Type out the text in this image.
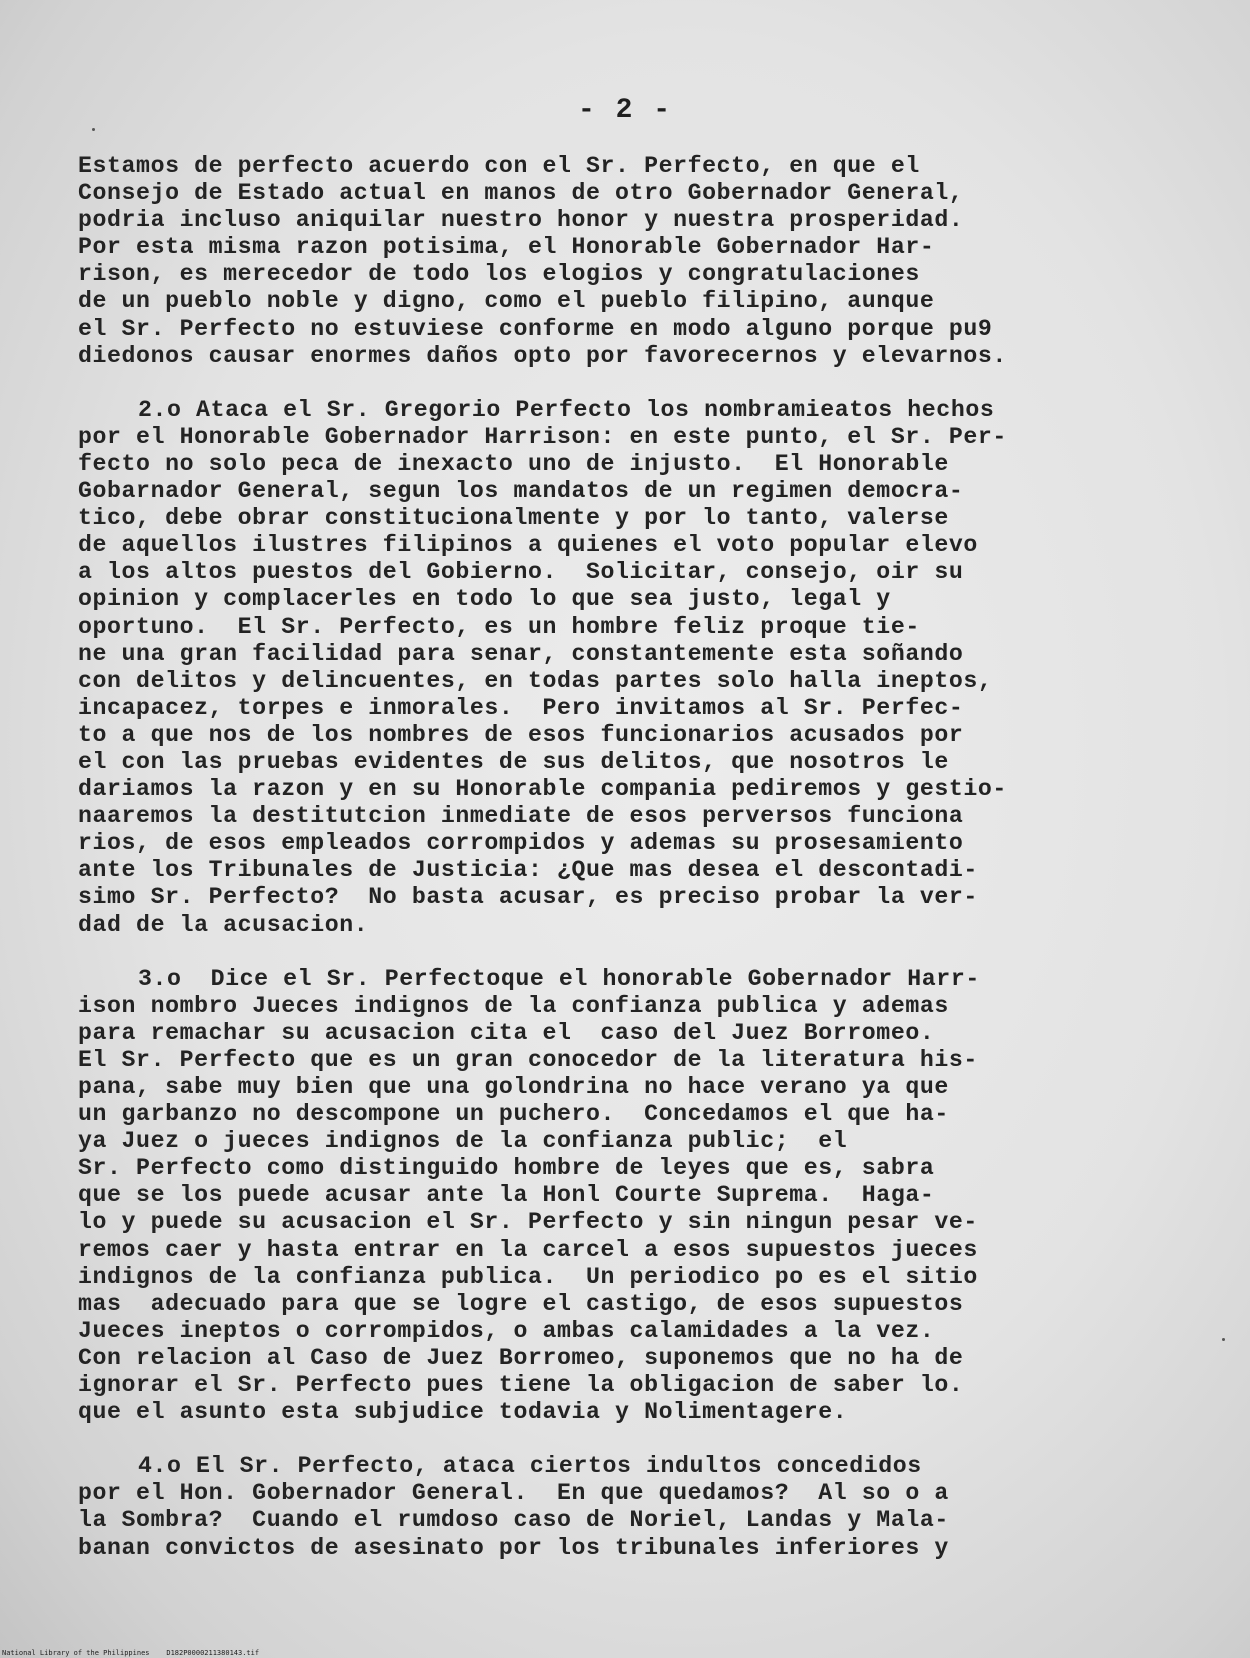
- 2 -
Estamos de perfecto acuerdo con el Sr. Perfecto, en que el
Consejo de Estado actual en manos de otro Gobernador General,
podria incluso aniquilar nuestro honor y nuestra prosperidad.
Por esta misma razon potisima, el Honorable Gobernador Har-
rison, es merecedor de todo los elogios y congratulaciones
de un pueblo noble y digno, como el pueblo filipino, aunque
el Sr. Perfecto no estuviese conforme en modo alguno porque pu9
diedonos causar enormes daños opto por favorecernos y elevarnos.
2.o Ataca el Sr. Gregorio Perfecto los nombramieatos hechos
por el Honorable Gobernador Harrison: en este punto, el Sr. Per-
fecto no solo peca de inexacto uno de injusto.  El Honorable
Gobarnador General, segun los mandatos de un regimen democra-
tico, debe obrar constitucionalmente y por lo tanto, valerse
de aquellos ilustres filipinos a quienes el voto popular elevo
a los altos puestos del Gobierno.  Solicitar, consejo, oir su
opinion y complacerles en todo lo que sea justo, legal y
oportuno.  El Sr. Perfecto, es un hombre feliz proque tie-
ne una gran facilidad para senar, constantemente esta soñando
con delitos y delincuentes, en todas partes solo halla ineptos,
incapacez, torpes e inmorales.  Pero invitamos al Sr. Perfec-
to a que nos de los nombres de esos funcionarios acusados por
el con las pruebas evidentes de sus delitos, que nosotros le
dariamos la razon y en su Honorable compania pediremos y gestio-
naaremos la destitutcion inmediate de esos perversos funciona
rios, de esos empleados corrompidos y ademas su prosesamiento
ante los Tribunales de Justicia: ¿Que mas desea el descontadi-
simo Sr. Perfecto?  No basta acusar, es preciso probar la ver-
dad de la acusacion.
3.o  Dice el Sr. Perfectoque el honorable Gobernador Harr-
ison nombro Jueces indignos de la confianza publica y ademas
para remachar su acusacion cita el  caso del Juez Borromeo.
El Sr. Perfecto que es un gran conocedor de la literatura his-
pana, sabe muy bien que una golondrina no hace verano ya que
un garbanzo no descompone un puchero.  Concedamos el que ha-
ya Juez o jueces indignos de la confianza public;  el
Sr. Perfecto como distinguido hombre de leyes que es, sabra
que se los puede acusar ante la Honl Courte Suprema.  Haga-
lo y puede su acusacion el Sr. Perfecto y sin ningun pesar ve-
remos caer y hasta entrar en la carcel a esos supuestos jueces
indignos de la confianza publica.  Un periodico po es el sitio
mas  adecuado para que se logre el castigo, de esos supuestos
Jueces ineptos o corrompidos, o ambas calamidades a la vez.
Con relacion al Caso de Juez Borromeo, suponemos que no ha de
ignorar el Sr. Perfecto pues tiene la obligacion de saber lo.
que el asunto esta subjudice todavia y Nolimentagere.
4.o El Sr. Perfecto, ataca ciertos indultos concedidos
por el Hon. Gobernador General.  En que quedamos?  Al so o a
la Sombra?  Cuando el rumdoso caso de Noriel, Landas y Mala-
banan convictos de asesinato por los tribunales inferiores y
National Library of the Philippines    D182P0000211380143.tif
